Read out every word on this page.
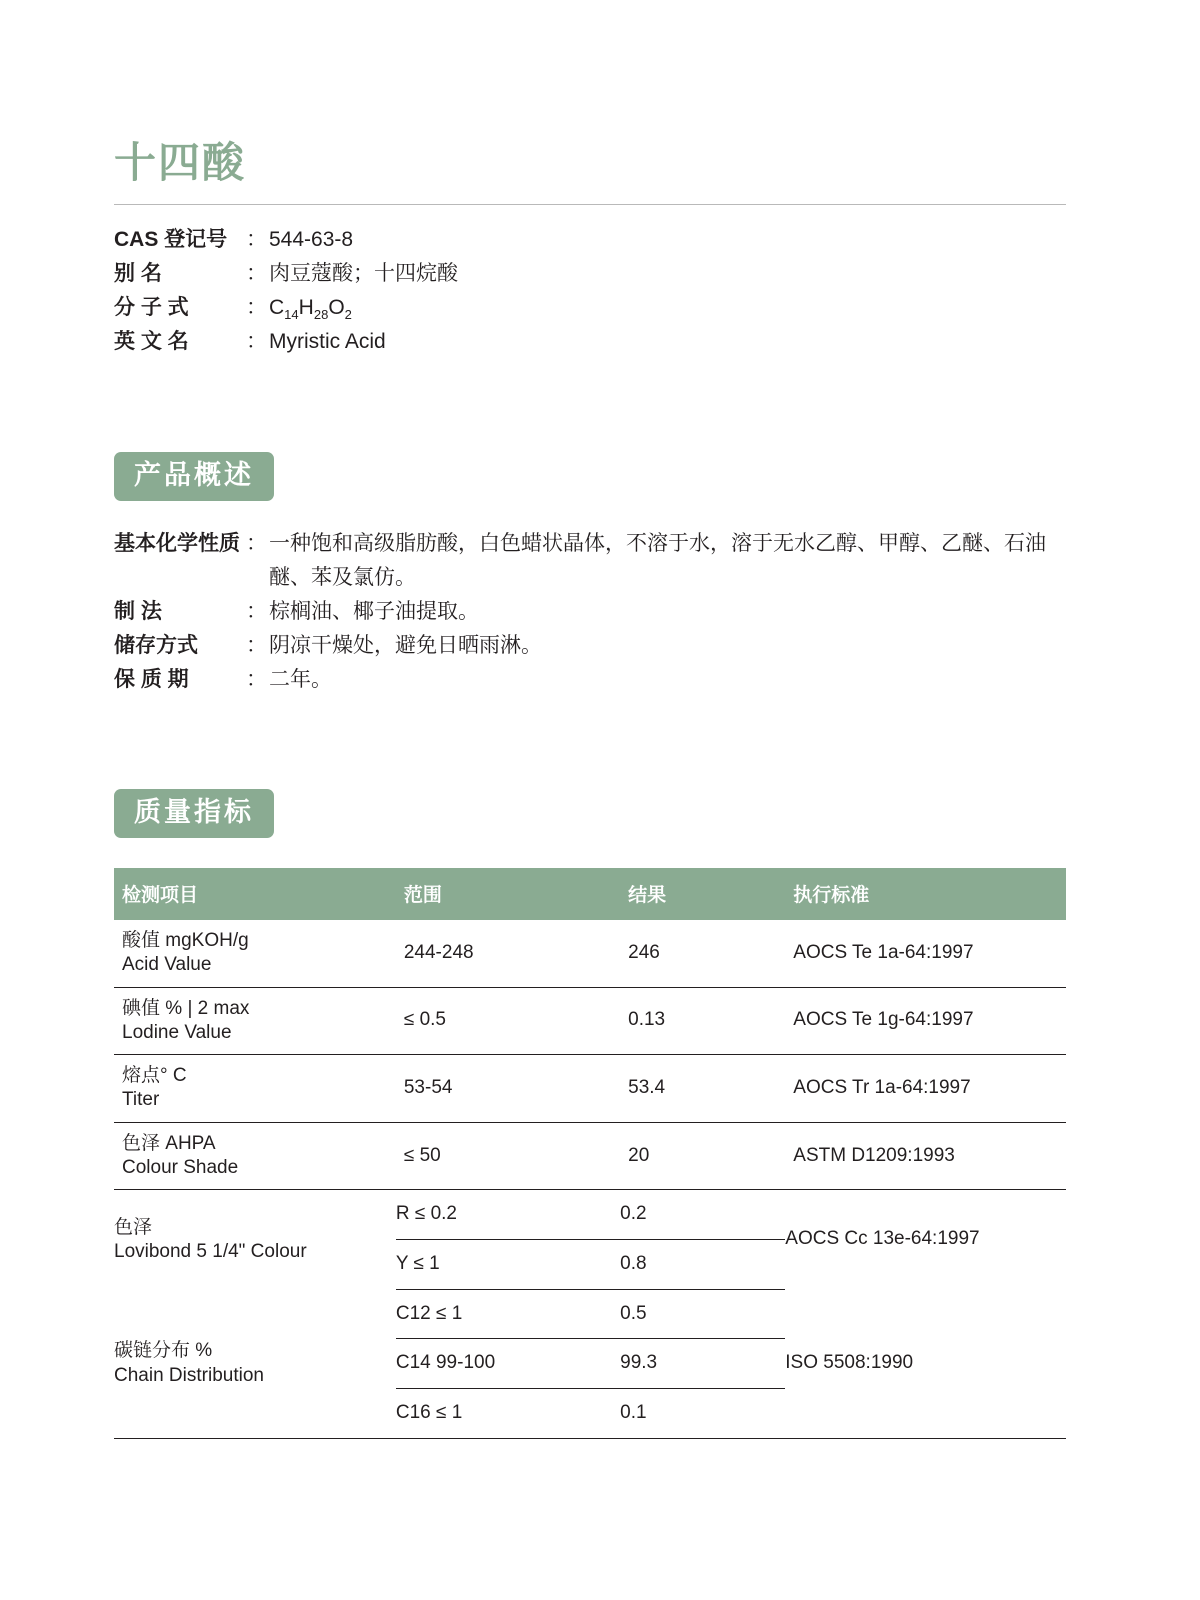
十四酸
CAS 登记号 ： 544-63-8
别 名	： 肉豆蔻酸；十四烷酸
分 子 式	： $C_{14}H_{28}O_2$
英 文 名	： Myristic Acid
产品概述
基本化学性质 ： 一种饱和高级脂肪酸，白色蜡状晶体，不溶于水，溶于无水乙醇、甲醇、乙醚、石油醚、苯及氯仿。
制 法	： 棕榈油、椰子油提取。
储存方式	： 阴凉干燥处，避免日晒雨淋。
保 质 期	： 二年。
质量指标
检测项目	范围	结果	执行标准

酸值 mgKOH/g
Acid Value	244-248	246	AOCS Te 1a-64:1997

碘值 % | 2 max
Lodine Value	≤ 0.5	0.13	AOCS Te 1g-64:1997

熔点° C
Titer	53-54	53.4	AOCS Tr 1a-64:1997

色泽 AHPA
Colour Shade	≤ 50	20	ASTM D1209:1993

色泽
Lovibond 5 1/4" Colour	R ≤ 0.2	0.2	AOCS Cc 13e-64:1997
	Y ≤ 1	0.8	

碳链分布 %
Chain Distribution	C12 ≤ 1	0.5	ISO 5508:1990
	C14 99-100	99.3	
	C16 ≤ 1	0.1	
